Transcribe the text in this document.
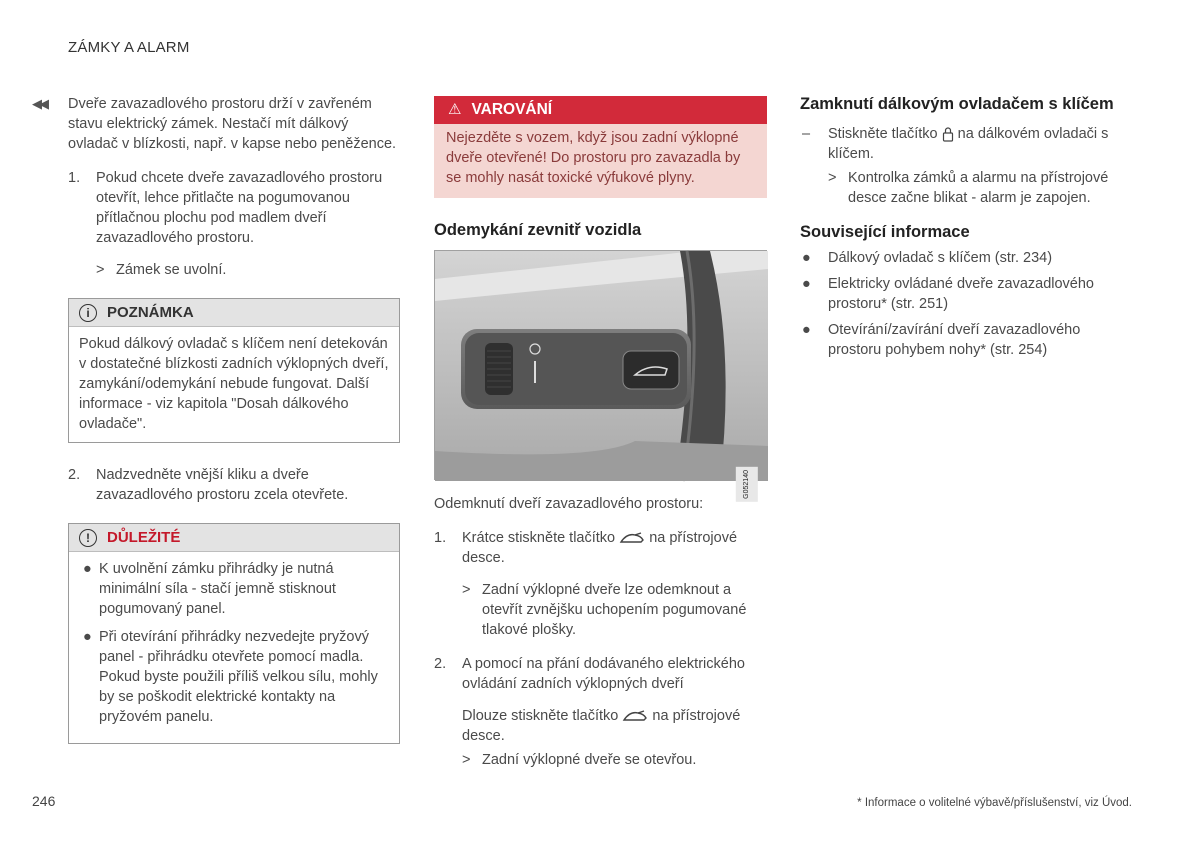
ZÁMKY A ALARM
◀◀ Dveře zavazadlového prostoru drží v zavřeném stavu elektrický zámek. Nestačí mít dálkový ovladač v blízkosti, např. v kapse nebo peněžence.

1. Pokud chcete dveře zavazadlového prostoru otevřít, lehce přitlačte na pogumovanou přítlačnou plochu pod madlem dveří zavazadlového prostoru.
> Zámek se uvolní.
i	POZNÁMKA
Pokud dálkový ovladač s klíčem není detekován v dostatečné blízkosti zadních výklopných dveří, zamykání/odemykání nebude fungovat. Další informace - viz kapitola "Dosah dálkového ovladače".
2. Nadzvedněte vnější kliku a dveře zavazadlového prostoru zcela otevřete.
!	DŮLEŽITÉ
● K uvolnění zámku přihrádky je nutná minimální síla - stačí jemně stisknout pogumovaný panel.
● Při otevírání přihrádky nezvedejte pryžový panel - přihrádku otevřete pomocí madla. Pokud byste použili příliš velkou sílu, mohly by se poškodit elektrické kontakty na pryžovém panelu.
⚠ VAROVÁNÍ
Nejezděte s vozem, když jsou zadní výklopné dveře otevřené! Do prostoru pro zavazadla by se mohly nasát toxické výfukové plyny.
Odemykání zevnitř vozidla
G052140

Odemknutí dveří zavazadlového prostoru:

1. Krátce stiskněte tlačítko na přístrojové desce.
> Zadní výklopné dveře lze odemknout a otevřít zvnějšku uchopením pogumované tlakové plošky.
2. A pomocí na přání dodávaného elektrického ovládání zadních výklopných dveří
Dlouze stiskněte tlačítko na přístrojové desce.
> Zadní výklopné dveře se otevřou.
Zamknutí dálkovým ovladačem s klíčem
– Stiskněte tlačítko na dálkovém ovladači s klíčem.
> Kontrolka zámků a alarmu na přístrojové desce začne blikat - alarm je zapojen.
Související informace
● Dálkový ovladač s klíčem (str. 234)
● Elektricky ovládané dveře zavazadlového prostoru* (str. 251)
● Otevírání/zavírání dveří zavazadlového prostoru pohybem nohy* (str. 254)
246	* Informace o volitelné výbavě/příslušenství, viz Úvod.
